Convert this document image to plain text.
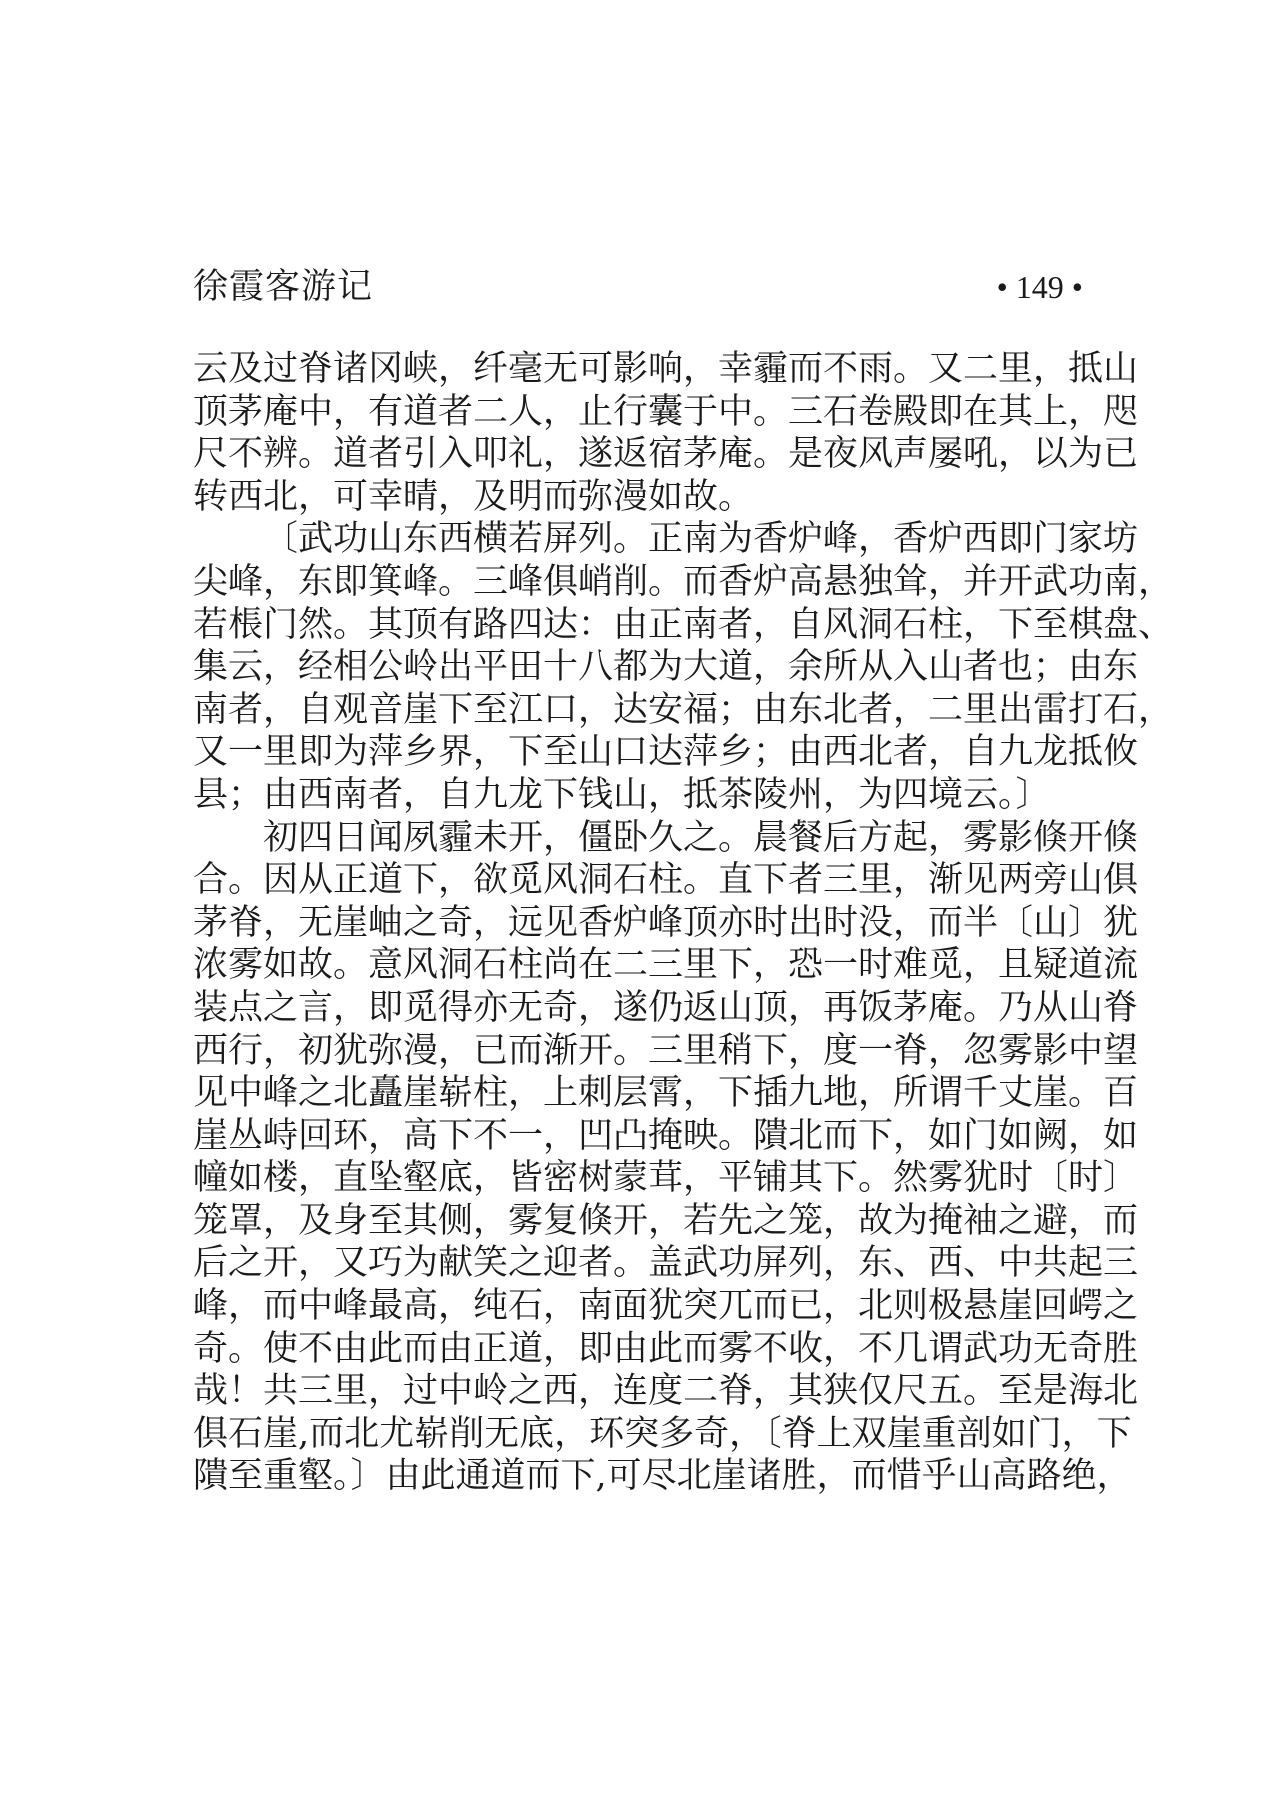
徐霞客游记	• 149 •
云及过脊诸冈峡，纤毫无可影响，幸霾而不雨。又二里，抵山
顶茅庵中，有道者二人，止行囊于中。三石卷殿即在其上，咫
尺不辨。道者引入叩礼，遂返宿茅庵。是夜风声屡吼，以为已
转西北，可幸晴，及明而弥漫如故。
〔武功山东西横若屏列。正南为香炉峰，香炉西即门家坊
尖峰，东即箕峰。三峰俱峭削。而香炉高悬独耸，并开武功南，
若棖门然。其顶有路四达：由正南者，自风洞石柱，下至棋盘、
集云，经相公岭出平田十八都为大道，余所从入山者也；由东
南者，自观音崖下至江口，达安福；由东北者，二里出雷打石，
又一里即为萍乡界，下至山口达萍乡；由西北者，自九龙抵攸
县；由西南者，自九龙下钱山，抵茶陵州，为四境云。〕
初四日闻夙霾未开，僵卧久之。晨餐后方起，雾影倏开倏
合。因从正道下，欲觅风洞石柱。直下者三里，渐见两旁山俱
茅脊，无崖岫之奇，远见香炉峰顶亦时出时没，而半〔山〕犹
浓雾如故。意风洞石柱尚在二三里下，恐一时难觅，且疑道流
装点之言，即觅得亦无奇，遂仍返山顶，再饭茅庵。乃从山脊
西行，初犹弥漫，已而渐开。三里稍下，度一脊，忽雾影中望
见中峰之北矗崖崭柱，上刺层霄，下插九地，所谓千丈崖。百
崖丛峙回环，高下不一，凹凸掩映。隤北而下，如门如阙，如
幢如楼，直坠壑底，皆密树蒙茸，平铺其下。然雾犹时〔时〕
笼罩，及身至其侧，雾复倏开，若先之笼，故为掩袖之避，而
后之开，又巧为献笑之迎者。盖武功屏列，东、西、中共起三
峰，而中峰最高，纯石，南面犹突兀而已，北则极悬崖回崿之
奇。使不由此而由正道，即由此而雾不收，不几谓武功无奇胜
哉！共三里，过中岭之西，连度二脊，其狭仅尺五。至是海北
俱石崖,而北尤崭削无底，环突多奇，〔脊上双崖重剖如门，下
隤至重壑。〕由此通道而下,可尽北崖诸胜，而惜乎山高路绝，
